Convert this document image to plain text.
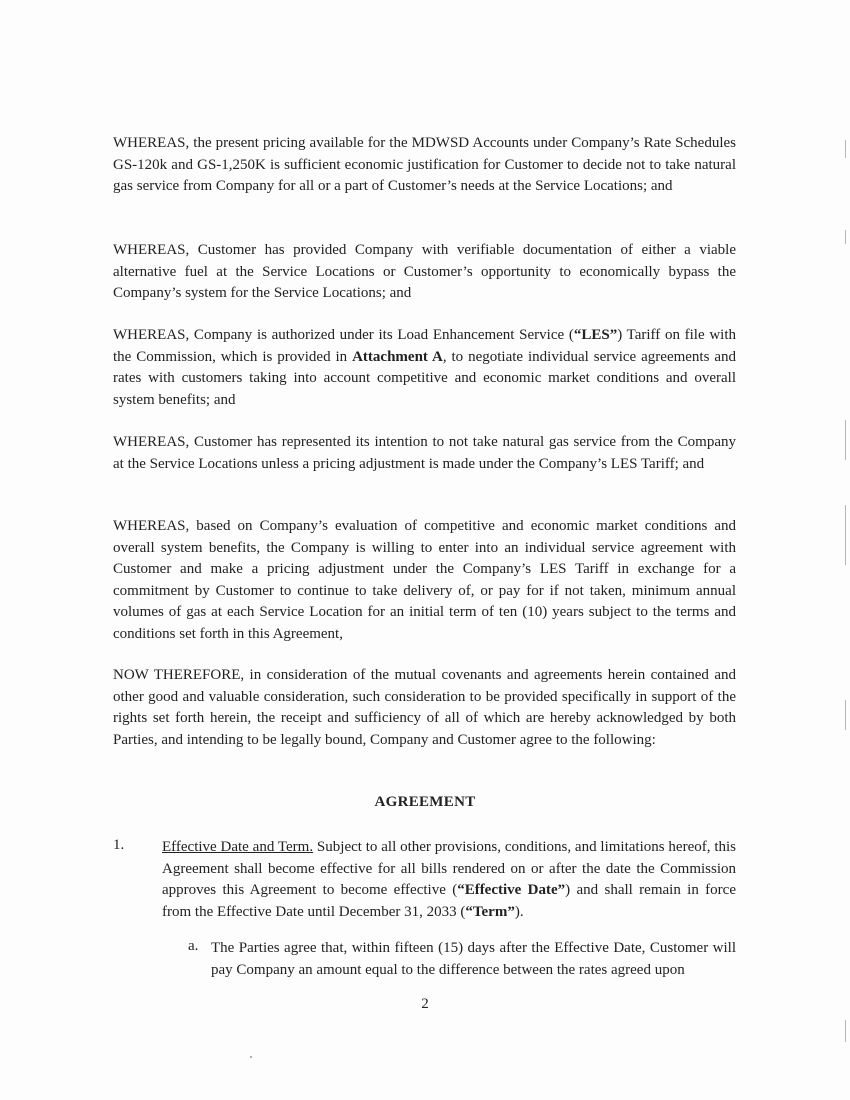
WHEREAS, the present pricing available for the MDWSD Accounts under Company’s Rate Schedules GS-120k and GS-1,250K is sufficient economic justification for Customer to decide not to take natural gas service from Company for all or a part of Customer’s needs at the Service Locations; and

WHEREAS, Customer has provided Company with verifiable documentation of either a viable alternative fuel at the Service Locations or Customer’s opportunity to economically bypass the Company’s system for the Service Locations; and

WHEREAS, Company is authorized under its Load Enhancement Service (“LES”) Tariff on file with the Commission, which is provided in Attachment A, to negotiate individual service agreements and rates with customers taking into account competitive and economic market conditions and overall system benefits; and

WHEREAS, Customer has represented its intention to not take natural gas service from the Company at the Service Locations unless a pricing adjustment is made under the Company’s LES Tariff; and

WHEREAS, based on Company’s evaluation of competitive and economic market conditions and overall system benefits, the Company is willing to enter into an individual service agreement with Customer and make a pricing adjustment under the Company’s LES Tariff in exchange for a commitment by Customer to continue to take delivery of, or pay for if not taken, minimum annual volumes of gas at each Service Location for an initial term of ten (10) years subject to the terms and conditions set forth in this Agreement,

NOW THEREFORE, in consideration of the mutual covenants and agreements herein contained and other good and valuable consideration, such consideration to be provided specifically in support of the rights set forth herein, the receipt and sufficiency of all of which are hereby acknowledged by both Parties, and intending to be legally bound, Company and Customer agree to the following:

AGREEMENT

1.	Effective Date and Term. Subject to all other provisions, conditions, and limitations hereof, this Agreement shall become effective for all bills rendered on or after the date the Commission approves this Agreement to become effective (“Effective Date”) and shall remain in force from the Effective Date until December 31, 2033 (“Term”).

a. The Parties agree that, within fifteen (15) days after the Effective Date, Customer will pay Company an amount equal to the difference between the rates agreed upon

2
